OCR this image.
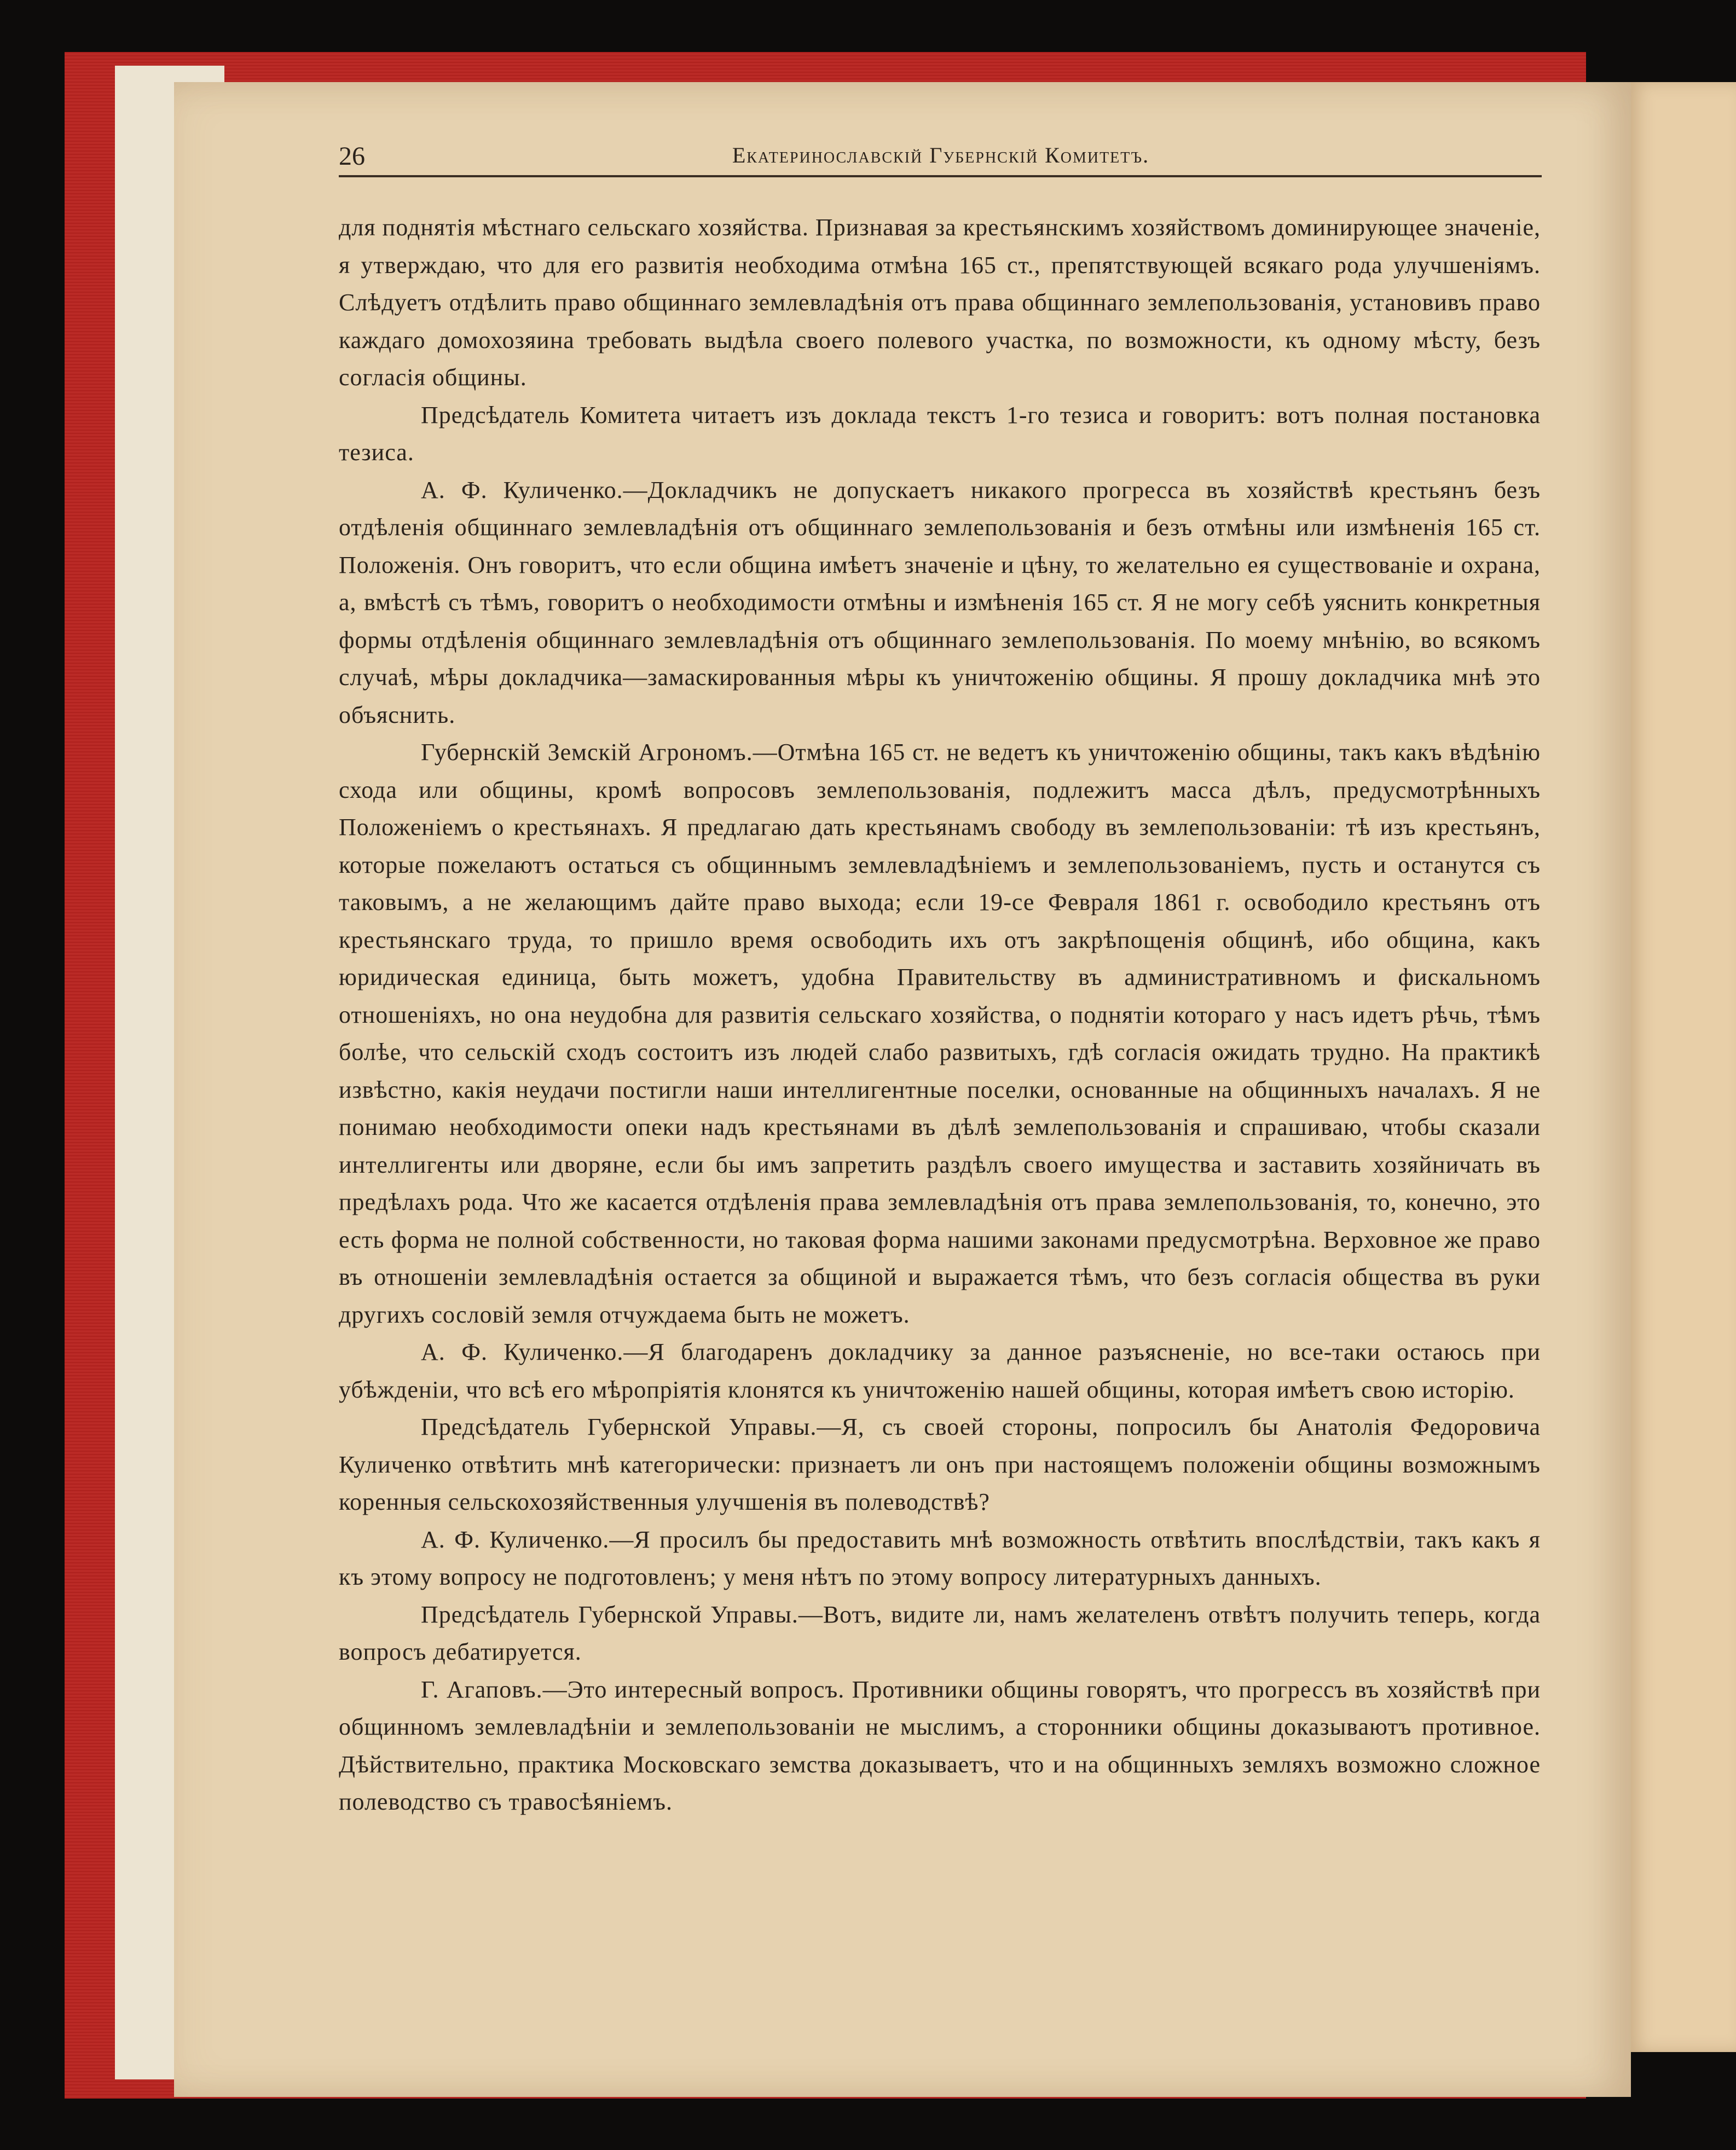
26	Екатеринославскій Губернскій Комитетъ.

для поднятія мѣстнаго сельскаго хозяйства. Признавая за крестьянскимъ хозяйствомъ доминирующее значеніе, я утверждаю, что для его развитія необходима отмѣна 165 ст., препятствующей всякаго рода улучшеніямъ. Слѣдуетъ отдѣлить право общиннаго землевладѣнія отъ права общиннаго землепользованія, установивъ право каждаго домохозяина требовать выдѣла своего полевого участка, по возможности, къ одному мѣсту, безъ согласія общины.

Предсѣдатель Комитета читаетъ изъ доклада текстъ 1-го тезиса и говоритъ: вотъ полная постановка тезиса.

А. Ф. Куличенко.—Докладчикъ не допускаетъ никакого прогресса въ хозяйствѣ крестьянъ безъ отдѣленія общиннаго землевладѣнія отъ общиннаго землепользованія и безъ отмѣны или измѣненія 165 ст. Положенія. Онъ говоритъ, что если община имѣетъ значеніе и цѣну, то желательно ея существованіе и охрана, а, вмѣстѣ съ тѣмъ, говоритъ о необходимости отмѣны и измѣненія 165 ст. Я не могу себѣ уяснить конкретныя формы отдѣленія общиннаго землевладѣнія отъ общиннаго землепользованія. По моему мнѣнію, во всякомъ случаѣ, мѣры докладчика—замаскированныя мѣры къ уничтоженію общины. Я прошу докладчика мнѣ это объяснить.

Губернскій Земскій Агрономъ.—Отмѣна 165 ст. не ведетъ къ уничтоженію общины, такъ какъ вѣдѣнію схода или общины, кромѣ вопросовъ землепользованія, подлежитъ масса дѣлъ, предусмотрѣнныхъ Положеніемъ о крестьянахъ. Я предлагаю дать крестьянамъ свободу въ землепользованіи: тѣ изъ крестьянъ, которые пожелаютъ остаться съ общиннымъ землевладѣніемъ и землепользованіемъ, пусть и останутся съ таковымъ, а не желающимъ дайте право выхода; если 19-се Февраля 1861 г. освободило крестьянъ отъ крестьянскаго труда, то пришло время освободить ихъ отъ закрѣпощенія общинѣ, ибо община, какъ юридическая единица, быть можетъ, удобна Правительству въ административномъ и фискальномъ отношеніяхъ, но она неудобна для развитія сельскаго хозяйства, о поднятіи котораго у насъ идетъ рѣчь, тѣмъ болѣе, что сельскій сходъ состоитъ изъ людей слабо развитыхъ, гдѣ согласія ожидать трудно. На практикѣ извѣстно, какія неудачи постигли наши интеллигентные поселки, основанные на общинныхъ началахъ. Я не понимаю необходимости опеки надъ крестьянами въ дѣлѣ землепользованія и спрашиваю, чтобы сказали интеллигенты или дворяне, если бы имъ запретить раздѣлъ своего имущества и заставить хозяйничать въ предѣлахъ рода. Что же касается отдѣленія права землевладѣнія отъ права землепользованія, то, конечно, это есть форма не полной собственности, но таковая форма нашими законами предусмотрѣна. Верховное же право въ отношеніи землевладѣнія остается за общиной и выражается тѣмъ, что безъ согласія общества въ руки другихъ сословій земля отчуждаема быть не можетъ.

А. Ф. Куличенко.—Я благодаренъ докладчику за данное разъясненіе, но все-таки остаюсь при убѣжденіи, что всѣ его мѣропріятія клонятся къ уничтоженію нашей общины, которая имѣетъ свою исторію.

Предсѣдатель Губернской Управы.—Я, съ своей стороны, попросилъ бы Анатолія Федоровича Куличенко отвѣтить мнѣ категорически: признаетъ ли онъ при настоящемъ положеніи общины возможнымъ коренныя сельскохозяйственныя улучшенія въ полеводствѣ?

А. Ф. Куличенко.—Я просилъ бы предоставить мнѣ возможность отвѣтить впослѣдствіи, такъ какъ я къ этому вопросу не подготовленъ; у меня нѣтъ по этому вопросу литературныхъ данныхъ.

Предсѣдатель Губернской Управы.—Вотъ, видите ли, намъ желателенъ отвѣтъ получить теперь, когда вопросъ дебатируется.

Г. Агаповъ.—Это интересный вопросъ. Противники общины говорятъ, что прогрессъ въ хозяйствѣ при общинномъ землевладѣніи и землепользованіи не мыслимъ, а сторонники общины доказываютъ противное. Дѣйствительно, практика Московскаго земства доказываетъ, что и на общинныхъ земляхъ возможно сложное полеводство съ травосѣяніемъ.
